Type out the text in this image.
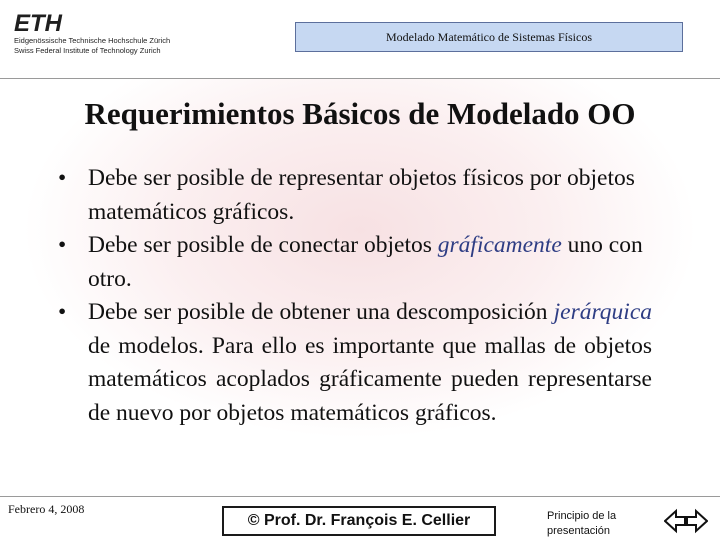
ETH
Eidgenössische Technische Hochschule Zürich
Swiss Federal Institute of Technology Zurich
Modelado Matemático de Sistemas Físicos
Requerimientos Básicos de Modelado OO
• Debe ser posible de representar objetos físicos por objetos matemáticos gráficos.
• Debe ser posible de conectar objetos gráficamente uno con otro.
• Debe ser posible de obtener una descomposición jerárquica de modelos. Para ello es importante que mallas de objetos matemáticos acoplados gráficamente pueden representarse de nuevo por objetos matemáticos gráficos.
Febrero 4, 2008
© Prof. Dr. François E. Cellier	Principio de la presentación
